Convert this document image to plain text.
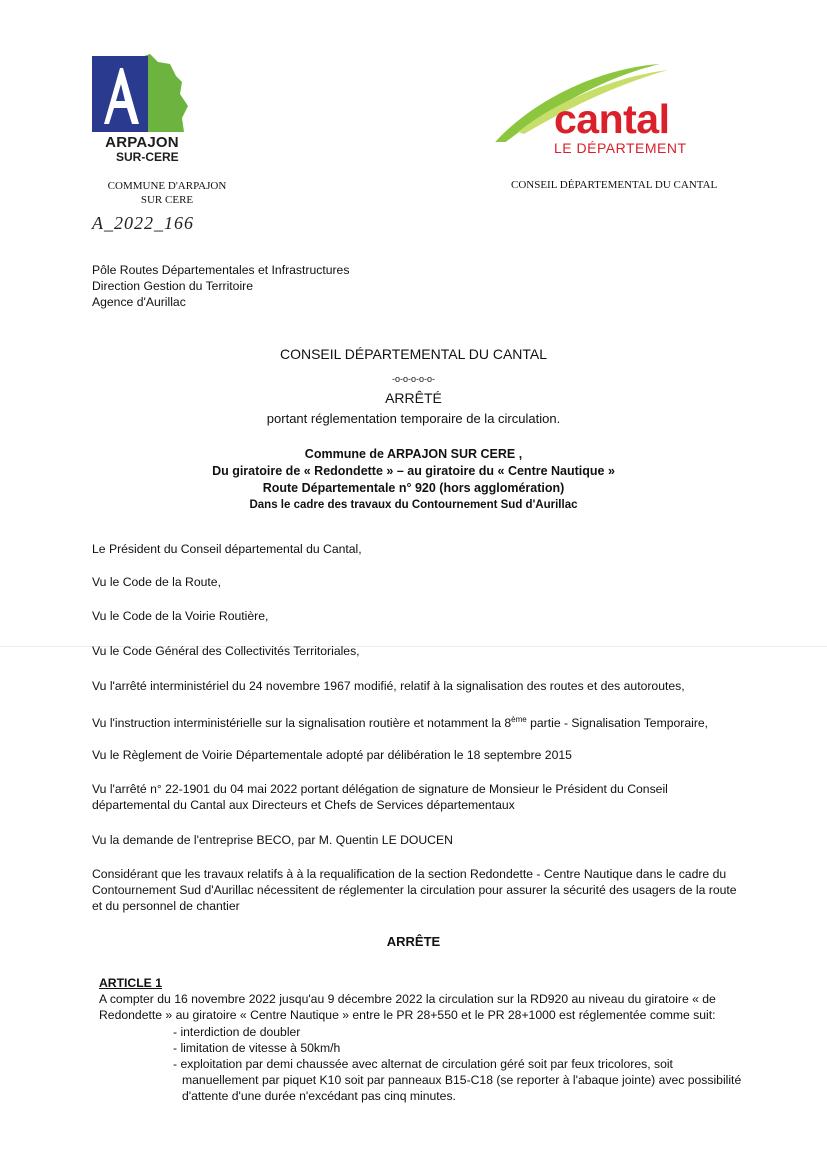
ARPAJON
SUR-CERE
cantal
LE DÉPARTEMENT
COMMUNE D'ARPAJON
SUR CERE
A_2022_166
CONSEIL DÉPARTEMENTAL DU CANTAL
Pôle Routes Départementales et Infrastructures
Direction Gestion du Territoire
Agence d'Aurillac
CONSEIL DÉPARTEMENTAL DU CANTAL
-o-o-o-o-o-
ARRÊTÉ
portant réglementation temporaire de la circulation.
Commune de ARPAJON SUR CERE ,
Du giratoire de « Redondette » – au giratoire du « Centre Nautique »
Route Départementale n° 920 (hors agglomération)
Dans le cadre des travaux du Contournement Sud d'Aurillac
Le Président du Conseil départemental du Cantal,
Vu le Code de la Route,
Vu le Code de la Voirie Routière,
Vu le Code Général des Collectivités Territoriales,
Vu l'arrêté interministériel du 24 novembre 1967 modifié, relatif à la signalisation des routes et des autoroutes,
Vu l'instruction interministérielle sur la signalisation routière et notamment la 8ème partie - Signalisation Temporaire,
Vu le Règlement de Voirie Départementale adopté par délibération le 18 septembre 2015
Vu l'arrêté n° 22-1901 du 04 mai 2022 portant délégation de signature de Monsieur le Président du Conseil
départemental du Cantal aux Directeurs et Chefs de Services départementaux
Vu la demande de l'entreprise BECO, par M. Quentin LE DOUCEN
Considérant que les travaux relatifs à à la requalification de la section Redondette - Centre Nautique dans le cadre du
Contournement Sud d'Aurillac nécessitent de réglementer la circulation pour assurer la sécurité des usagers de la route
et du personnel de chantier
ARRÊTE
ARTICLE 1
A compter du 16 novembre 2022 jusqu'au 9 décembre 2022 la circulation sur la RD920 au niveau du giratoire « de
Redondette » au giratoire « Centre Nautique » entre le PR 28+550 et le PR 28+1000 est réglementée comme suit:
- interdiction de doubler
- limitation de vitesse à 50km/h
- exploitation par demi chaussée avec alternat de circulation géré soit par feux tricolores, soit
manuellement par piquet K10 soit par panneaux B15-C18 (se reporter à l'abaque jointe) avec possibilité
d'attente d'une durée n'excédant pas cinq minutes.
